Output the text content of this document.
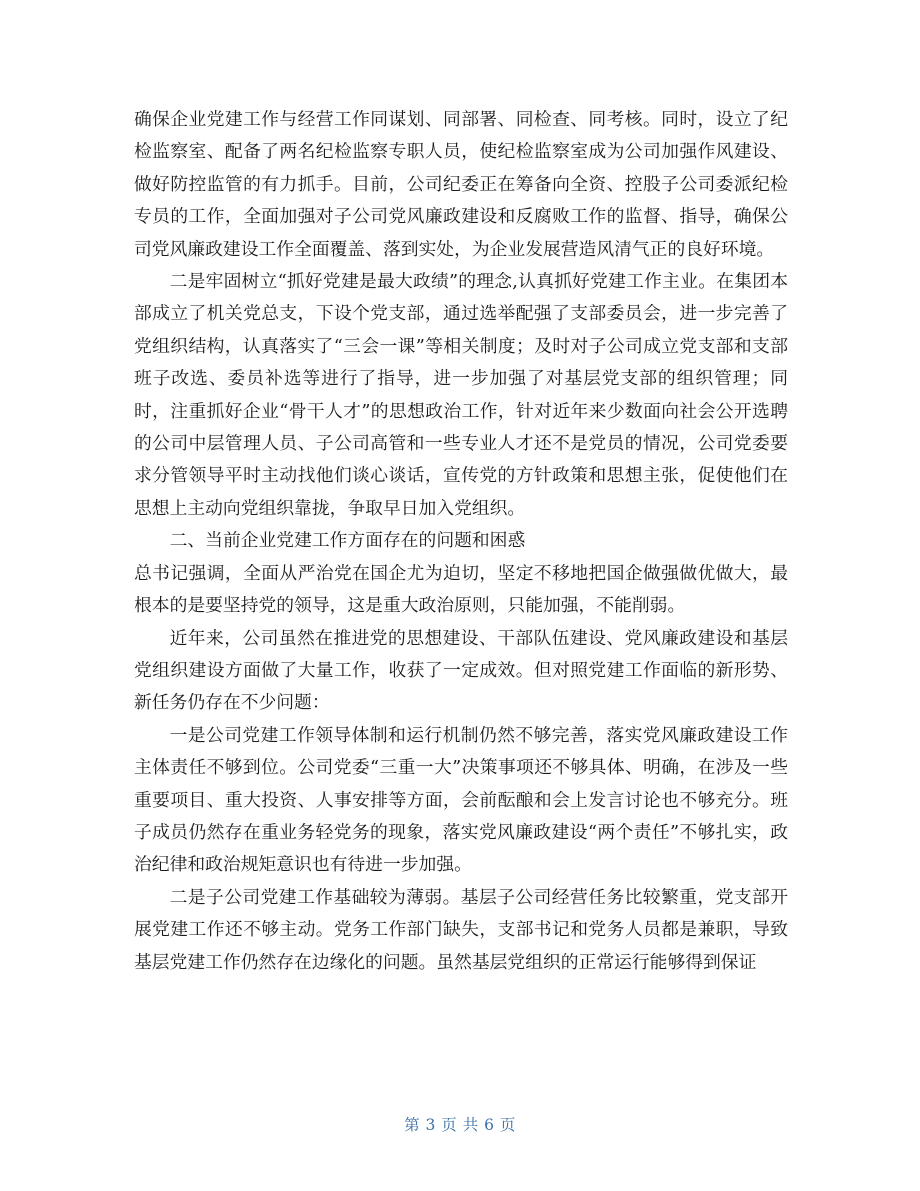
确保企业党建工作与经营工作同谋划、同部署、同检查、同考核。同时，设立了纪检监察室、配备了两名纪检监察专职人员，使纪检监察室成为公司加强作风建设、做好防控监管的有力抓手。目前，公司纪委正在筹备向全资、控股子公司委派纪检专员的工作，全面加强对子公司党风廉政建设和反腐败工作的监督、指导，确保公司党风廉政建设工作全面覆盖、落到实处，为企业发展营造风清气正的良好环境。

二是牢固树立“抓好党建是最大政绩”的理念,认真抓好党建工作主业。在集团本部成立了机关党总支，下设个党支部，通过选举配强了支部委员会，进一步完善了党组织结构，认真落实了“三会一课”等相关制度；及时对子公司成立党支部和支部班子改选、委员补选等进行了指导，进一步加强了对基层党支部的组织管理；同时，注重抓好企业“骨干人才”的思想政治工作，针对近年来少数面向社会公开选聘的公司中层管理人员、子公司高管和一些专业人才还不是党员的情况，公司党委要求分管领导平时主动找他们谈心谈话，宣传党的方针政策和思想主张，促使他们在思想上主动向党组织靠拢，争取早日加入党组织。

二、当前企业党建工作方面存在的问题和困惑

总书记强调，全面从严治党在国企尤为迫切，坚定不移地把国企做强做优做大，最根本的是要坚持党的领导，这是重大政治原则，只能加强，不能削弱。

近年来，公司虽然在推进党的思想建设、干部队伍建设、党风廉政建设和基层党组织建设方面做了大量工作，收获了一定成效。但对照党建工作面临的新形势、新任务仍存在不少问题：

一是公司党建工作领导体制和运行机制仍然不够完善，落实党风廉政建设工作主体责任不够到位。公司党委“三重一大”决策事项还不够具体、明确，在涉及一些重要项目、重大投资、人事安排等方面，会前酝酿和会上发言讨论也不够充分。班子成员仍然存在重业务轻党务的现象，落实党风廉政建设“两个责任”不够扎实，政治纪律和政治规矩意识也有待进一步加强。

二是子公司党建工作基础较为薄弱。基层子公司经营任务比较繁重，党支部开展党建工作还不够主动。党务工作部门缺失，支部书记和党务人员都是兼职，导致基层党建工作仍然存在边缘化的问题。虽然基层党组织的正常运行能够得到保证

第 3 页 共 6 页
